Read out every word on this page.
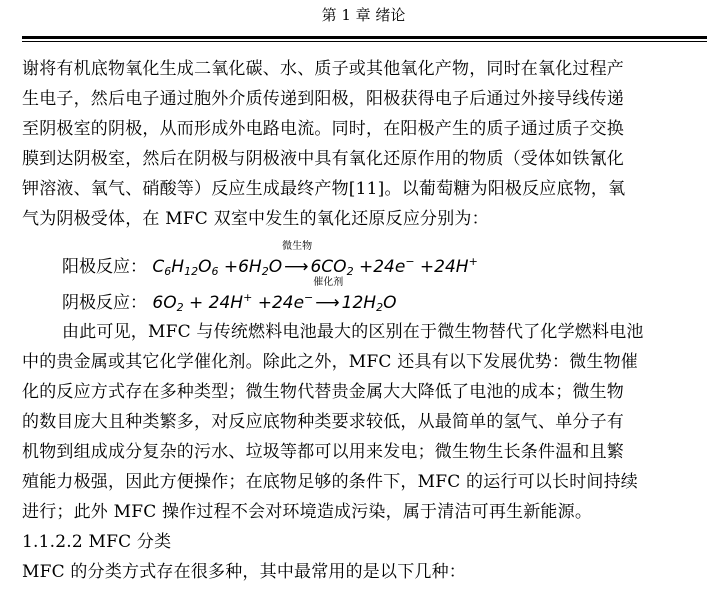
第 1 章 绪论
谢将有机底物氧化生成二氧化碳、水、质子或其他氧化产物，同时在氧化过程产
生电子，然后电子通过胞外介质传递到阳极，阳极获得电子后通过外接导线传递
至阴极室的阴极，从而形成外电路电流。同时，在阳极产生的质子通过质子交换
膜到达阴极室，然后在阴极与阴极液中具有氧化还原作用的物质（受体如铁氰化
钾溶液、氧气、硝酸等）反应生成最终产物[11]。以葡萄糖为阳极反应底物，氧
气为阴极受体，在 MFC 双室中发生的氧化还原反应分别为：
阳极反应： $C_6H_{12}O_6 +6H_2O$
微生物
⟶ $6CO_2 +24e^- +24H^+$
阴极反应： $6O_2 + 24H^+ +24e^-$
催化剂
⟶ $12H_2O$
由此可见，MFC 与传统燃料电池最大的区别在于微生物替代了化学燃料电池
中的贵金属或其它化学催化剂。除此之外，MFC 还具有以下发展优势：微生物催
化的反应方式存在多种类型；微生物代替贵金属大大降低了电池的成本；微生物
的数目庞大且种类繁多，对反应底物种类要求较低，从最简单的氢气、单分子有
机物到组成成分复杂的污水、垃圾等都可以用来发电；微生物生长条件温和且繁
殖能力极强，因此方便操作；在底物足够的条件下，MFC 的运行可以长时间持续
进行；此外 MFC 操作过程不会对环境造成污染，属于清洁可再生新能源。
1.1.2.2 MFC 分类
MFC 的分类方式存在很多种，其中最常用的是以下几种：
